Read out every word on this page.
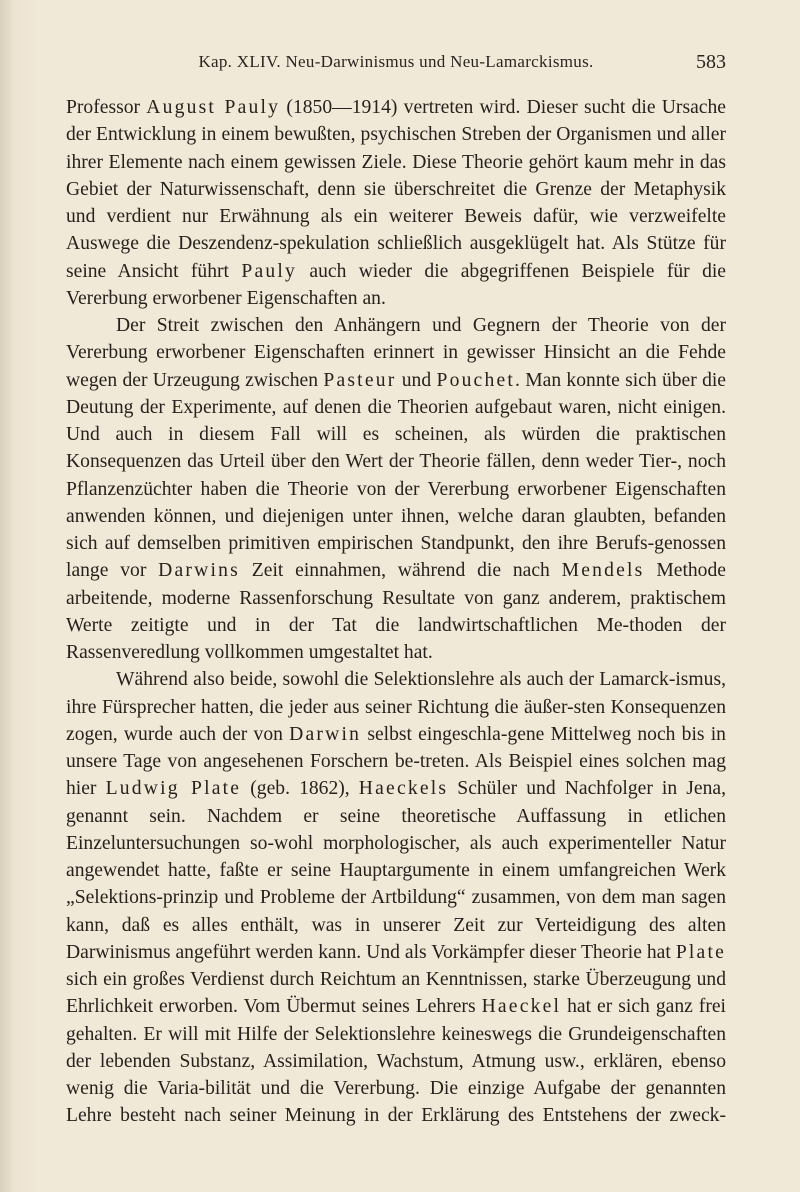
Kap. XLIV. Neu-Darwinismus und Neu-Lamarckismus.	583

Professor August Pauly (1850—1914) vertreten wird. Dieser sucht die Ursache der Entwicklung in einem bewußten, psychischen Streben der Organismen und aller ihrer Elemente nach einem gewissen Ziele. Diese Theorie gehört kaum mehr in das Gebiet der Naturwissenschaft, denn sie überschreitet die Grenze der Metaphysik und verdient nur Erwähnung als ein weiterer Beweis dafür, wie verzweifelte Auswege die Deszendenz-spekulation schließlich ausgeklügelt hat. Als Stütze für seine Ansicht führt Pauly auch wieder die abgegriffenen Beispiele für die Vererbung erworbener Eigenschaften an.

Der Streit zwischen den Anhängern und Gegnern der Theorie von der Vererbung erworbener Eigenschaften erinnert in gewisser Hinsicht an die Fehde wegen der Urzeugung zwischen Pasteur und Pouchet. Man konnte sich über die Deutung der Experimente, auf denen die Theorien aufgebaut waren, nicht einigen. Und auch in diesem Fall will es scheinen, als würden die praktischen Konsequenzen das Urteil über den Wert der Theorie fällen, denn weder Tier-, noch Pflanzenzüchter haben die Theorie von der Vererbung erworbener Eigenschaften anwenden können, und diejenigen unter ihnen, welche daran glaubten, befanden sich auf demselben primitiven empirischen Standpunkt, den ihre Berufs-genossen lange vor Darwins Zeit einnahmen, während die nach Mendels Methode arbeitende, moderne Rassenforschung Resultate von ganz anderem, praktischem Werte zeitigte und in der Tat die landwirtschaftlichen Me-thoden der Rassenveredlung vollkommen umgestaltet hat.

Während also beide, sowohl die Selektionslehre als auch der Lamarck-ismus, ihre Fürsprecher hatten, die jeder aus seiner Richtung die äußer-sten Konsequenzen zogen, wurde auch der von Darwin selbst eingeschla-gene Mittelweg noch bis in unsere Tage von angesehenen Forschern be-treten. Als Beispiel eines solchen mag hier Ludwig Plate (geb. 1862), Haeckels Schüler und Nachfolger in Jena, genannt sein. Nachdem er seine theoretische Auffassung in etlichen Einzeluntersuchungen so-wohl morphologischer, als auch experimenteller Natur angewendet hatte, faßte er seine Hauptargumente in einem umfangreichen Werk „Selektions-prinzip und Probleme der Artbildung“ zusammen, von dem man sagen kann, daß es alles enthält, was in unserer Zeit zur Verteidigung des alten Darwinismus angeführt werden kann. Und als Vorkämpfer dieser Theorie hat Plate sich ein großes Verdienst durch Reichtum an Kenntnissen, starke Überzeugung und Ehrlichkeit erworben. Vom Übermut seines Lehrers Haeckel hat er sich ganz frei gehalten. Er will mit Hilfe der Selektionslehre keineswegs die Grundeigenschaften der lebenden Substanz, Assimilation, Wachstum, Atmung usw., erklären, ebenso wenig die Varia-bilität und die Vererbung. Die einzige Aufgabe der genannten Lehre besteht nach seiner Meinung in der Erklärung des Entstehens der zweck-
